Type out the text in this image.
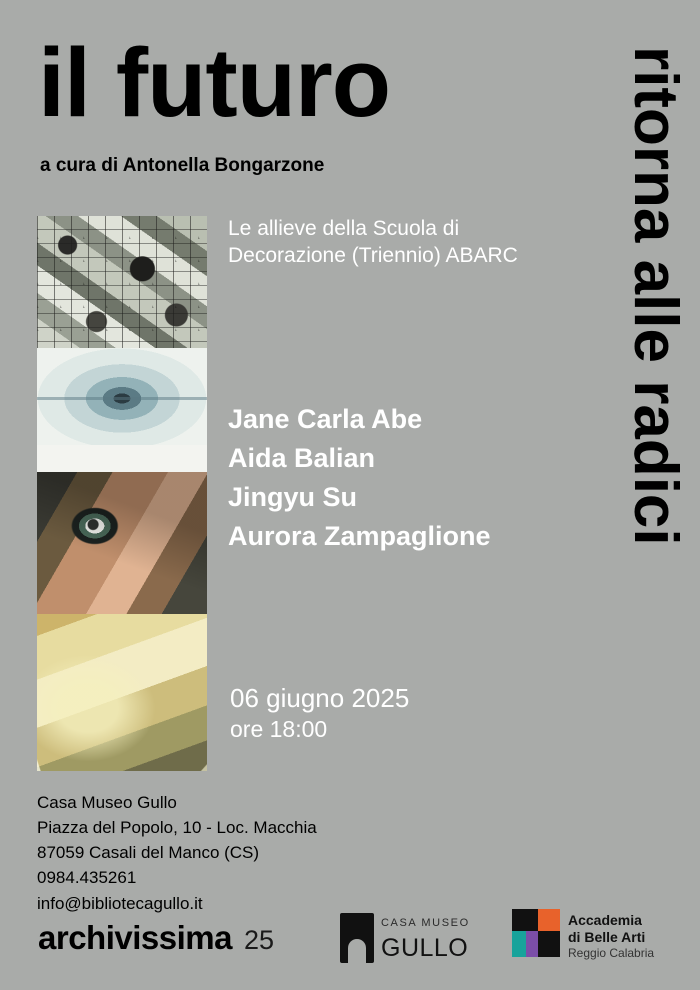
il futuro
a cura di Antonella Bongarzone	ritorna alle radici
Le allieve della Scuola di Decorazione (Triennio) ABARC
Jane Carla Abe
Aida Balian
Jingyu Su
Aurora Zampaglione
06 giugno 2025
ore 18:00
Casa Museo Gullo
Piazza del Popolo, 10 - Loc. Macchia
87059 Casali del Manco (CS)
0984.435261
info@bibliotecagullo.it
archivissima 25
CASA MUSEO
GULLO
Accademia
di Belle Arti
Reggio Calabria
